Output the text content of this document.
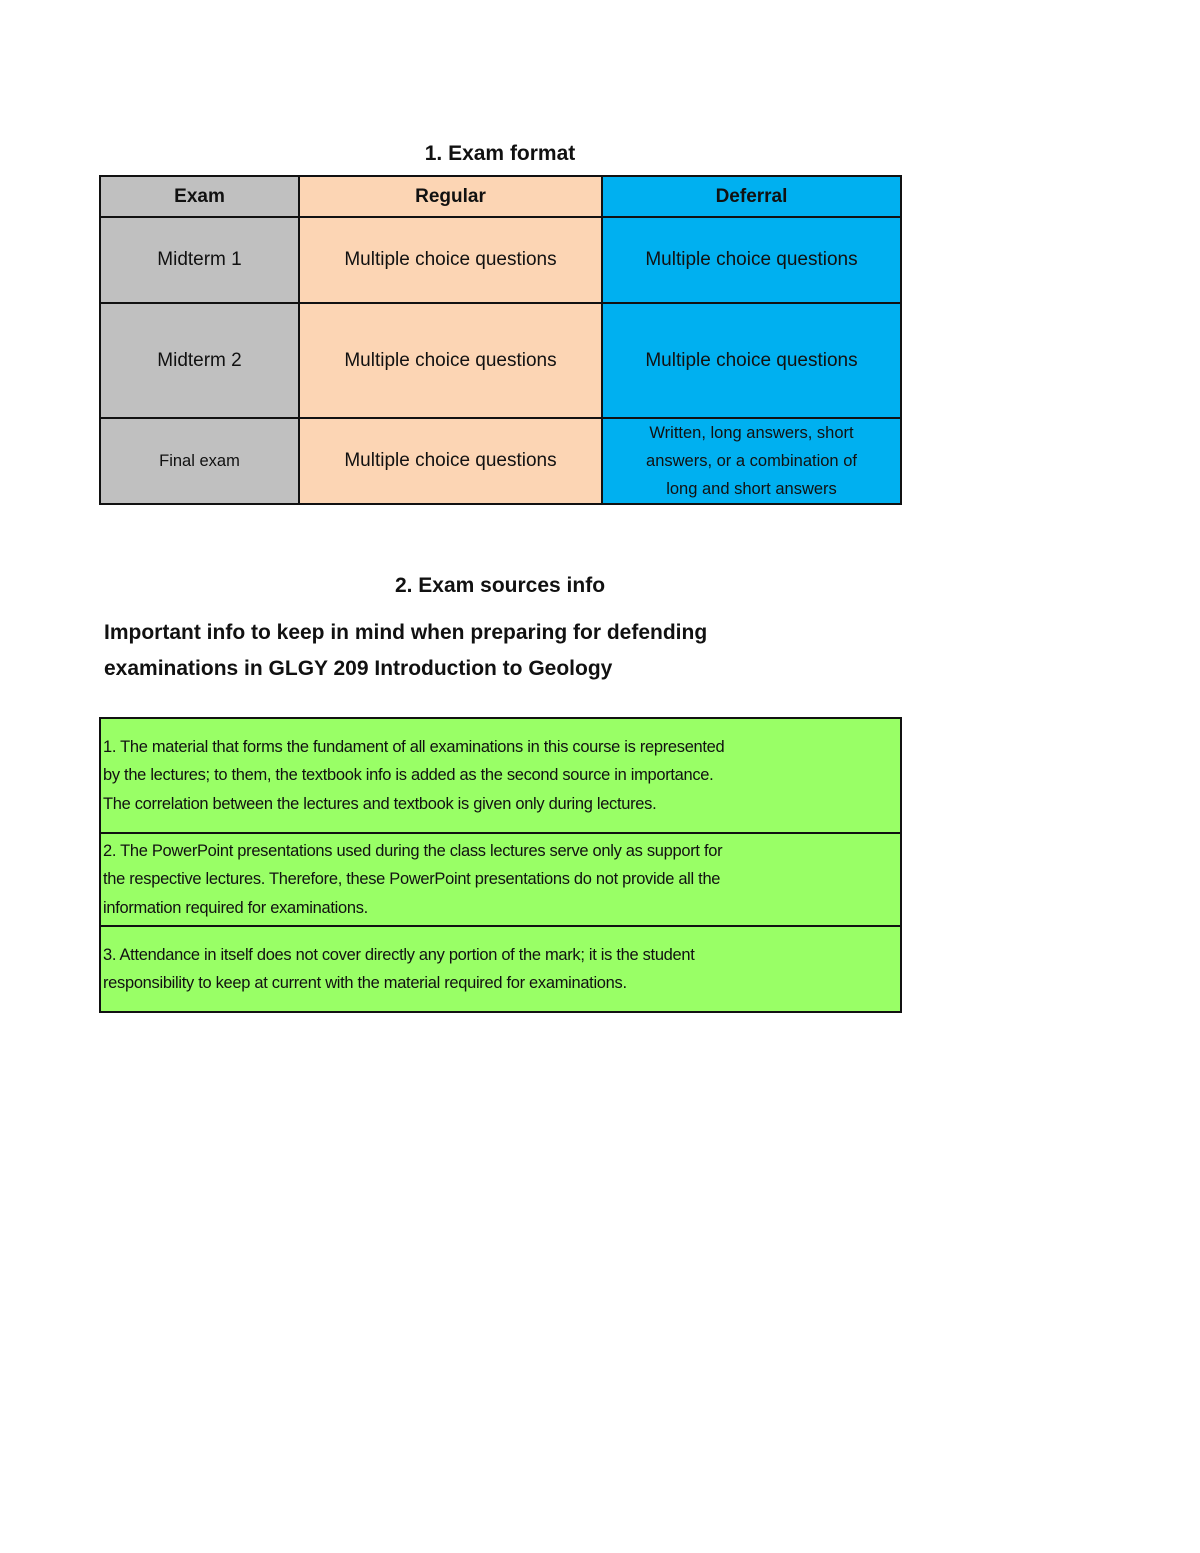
1. Exam format
Exam	Regular	Deferral
Midterm 1	Multiple choice questions	Multiple choice questions
Midterm 2	Multiple choice questions	Multiple choice questions
Final exam	Multiple choice questions	Written, long answers, short
answers, or a combination of
long and short answers
2. Exam sources info
Important info to keep in mind when preparing for defending
examinations in GLGY 209 Introduction to Geology
1. The material that forms the fundament of all examinations in this course is represented
by the lectures; to them, the textbook info is added as the second source in importance.
The correlation between the lectures and textbook is given only during lectures.
2. The PowerPoint presentations used during the class lectures serve only as support for
the respective lectures. Therefore, these PowerPoint presentations do not provide all the
information required for examinations.
3. Attendance in itself does not cover directly any portion of the mark; it is the student
responsibility to keep at current with the material required for examinations.
